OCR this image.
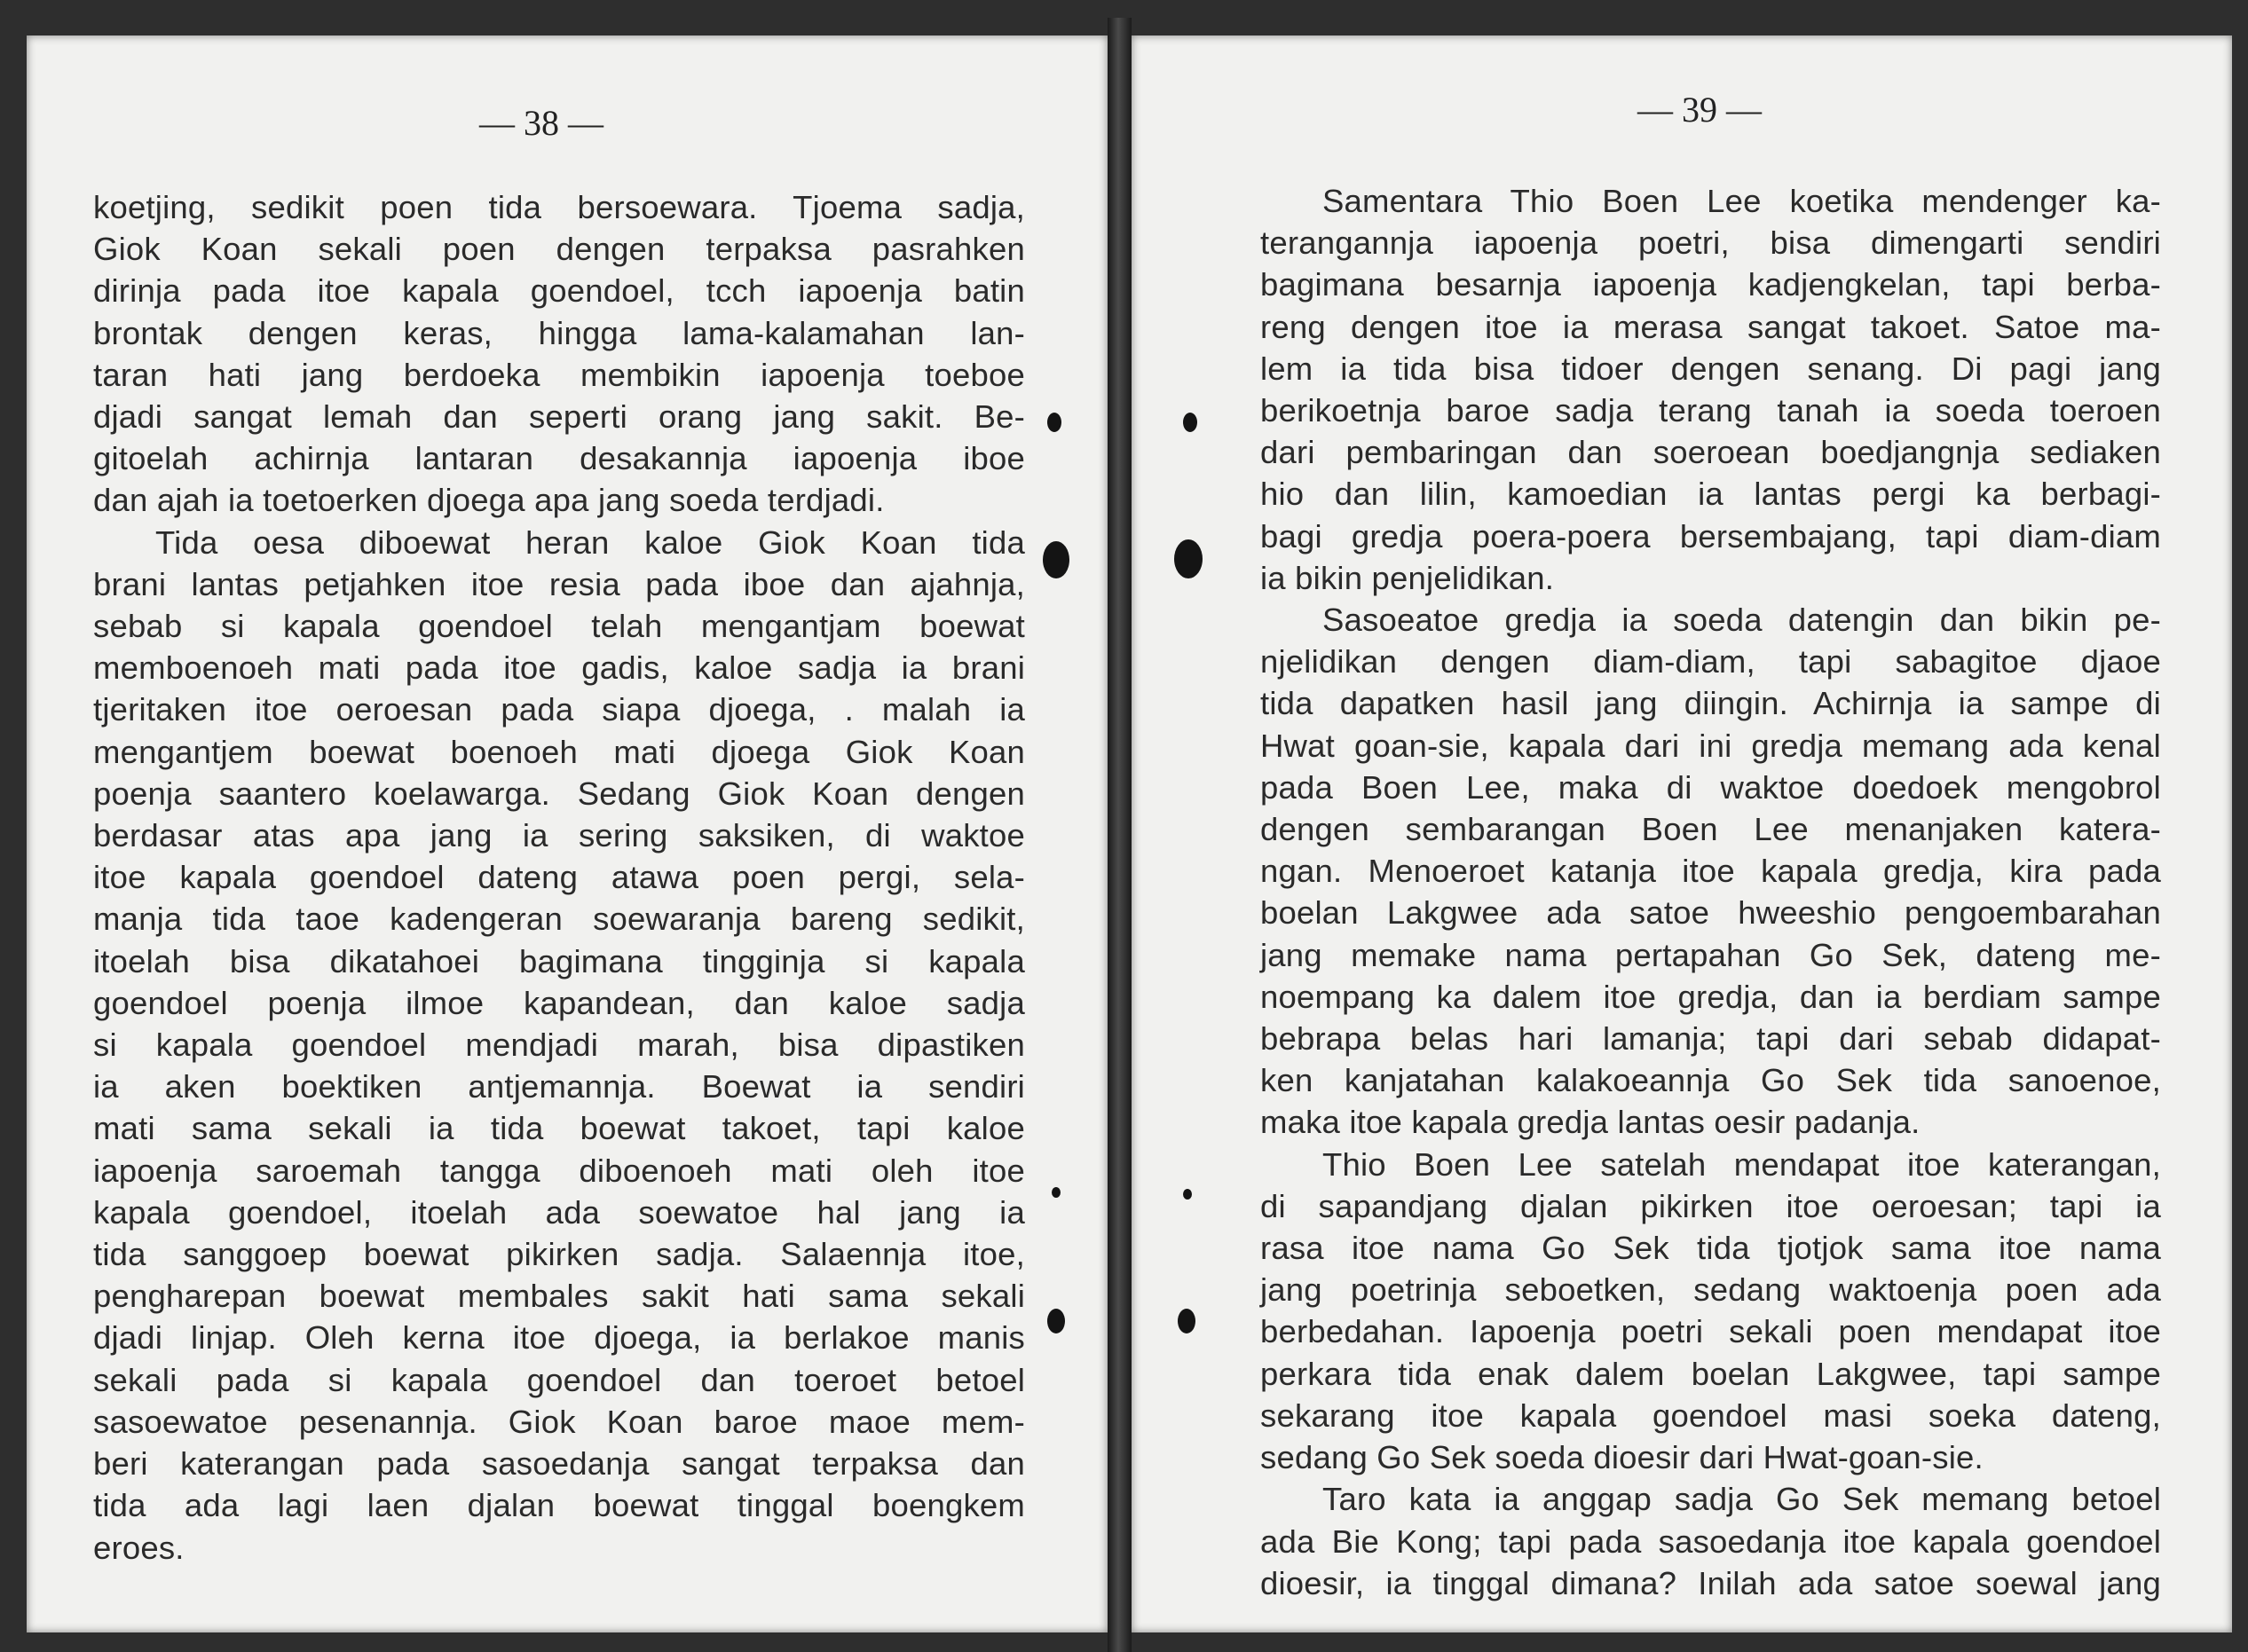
— 38 —
koetjing, sedikit poen tida bersoewara. Tjoema sadja,
Giok Koan sekali poen dengen terpaksa pasrahken
dirinja pada itoe kapala goendoel, tcch iapoenja batin
brontak dengen keras, hingga lama-kalamahan lan-
taran hati jang berdoeka membikin iapoenja toeboe
djadi sangat lemah dan seperti orang jang sakit. Be-
gitoelah achirnja lantaran desakannja iapoenja iboe
dan ajah ia toetoerken djoega apa jang soeda terdjadi.
Tida oesa diboewat heran kaloe Giok Koan tida
brani lantas petjahken itoe resia pada iboe dan ajahnja,
sebab si kapala goendoel telah mengantjam boewat
memboenoeh mati pada itoe gadis, kaloe sadja ia brani
tjeritaken itoe oeroesan pada siapa djoega, . malah ia
mengantjem boewat boenoeh mati djoega Giok Koan
poenja saantero koelawarga. Sedang Giok Koan dengen
berdasar atas apa jang ia sering saksiken, di waktoe
itoe kapala goendoel dateng atawa poen pergi, sela-
manja tida taoe kadengeran soewaranja bareng sedikit,
itoelah bisa dikatahoei bagimana tingginja si kapala
goendoel poenja ilmoe kapandean, dan kaloe sadja
si kapala goendoel mendjadi marah, bisa dipastiken
ia aken boektiken antjemannja. Boewat ia sendiri
mati sama sekali ia tida boewat takoet, tapi kaloe
iapoenja saroemah tangga diboenoeh mati oleh itoe
kapala goendoel, itoelah ada soewatoe hal jang ia
tida sanggoep boewat pikirken sadja. Salaennja itoe,
pengharepan boewat membales sakit hati sama sekali
djadi linjap. Oleh kerna itoe djoega, ia berlakoe manis
sekali pada si kapala goendoel dan toeroet betoel
sasoewatoe pesenannja. Giok Koan baroe maoe mem-
beri katerangan pada sasoedanja sangat terpaksa dan
tida ada lagi laen djalan boewat tinggal boengkem
eroes.
— 39 —
Samentara Thio Boen Lee koetika mendenger ka-
terangannja iapoenja poetri, bisa dimengarti sendiri
bagimana besarnja iapoenja kadjengkelan, tapi berba-
reng dengen itoe ia merasa sangat takoet. Satoe ma-
lem ia tida bisa tidoer dengen senang. Di pagi jang
berikoetnja baroe sadja terang tanah ia soeda toeroen
dari pembaringan dan soeroean boedjangnja sediaken
hio dan lilin, kamoedian ia lantas pergi ka berbagi-
bagi gredja poera-poera bersembajang, tapi diam-diam
ia bikin penjelidikan.
Sasoeatoe gredja ia soeda datengin dan bikin pe-
njelidikan dengen diam-diam, tapi sabagitoe djaoe
tida dapatken hasil jang diingin. Achirnja ia sampe di
Hwat goan-sie, kapala dari ini gredja memang ada kenal
pada Boen Lee, maka di waktoe doedoek mengobrol
dengen sembarangan Boen Lee menanjaken katera-
ngan. Menoeroet katanja itoe kapala gredja, kira pada
boelan Lakgwee ada satoe hweeshio pengoembarahan
jang memake nama pertapahan Go Sek, dateng me-
noempang ka dalem itoe gredja, dan ia berdiam sampe
bebrapa belas hari lamanja; tapi dari sebab didapat-
ken kanjatahan kalakoeannja Go Sek tida sanoenoe,
maka itoe kapala gredja lantas oesir padanja.
Thio Boen Lee satelah mendapat itoe katerangan,
di sapandjang djalan pikirken itoe oeroesan; tapi ia
rasa itoe nama Go Sek tida tjotjok sama itoe nama
jang poetrinja seboetken, sedang waktoenja poen ada
berbedahan. Iapoenja poetri sekali poen mendapat itoe
perkara tida enak dalem boelan Lakgwee, tapi sampe
sekarang itoe kapala goendoel masi soeka dateng,
sedang Go Sek soeda dioesir dari Hwat-goan-sie.
Taro kata ia anggap sadja Go Sek memang betoel
ada Bie Kong; tapi pada sasoedanja itoe kapala goendoel
dioesir, ia tinggal dimana? Inilah ada satoe soewal jang
